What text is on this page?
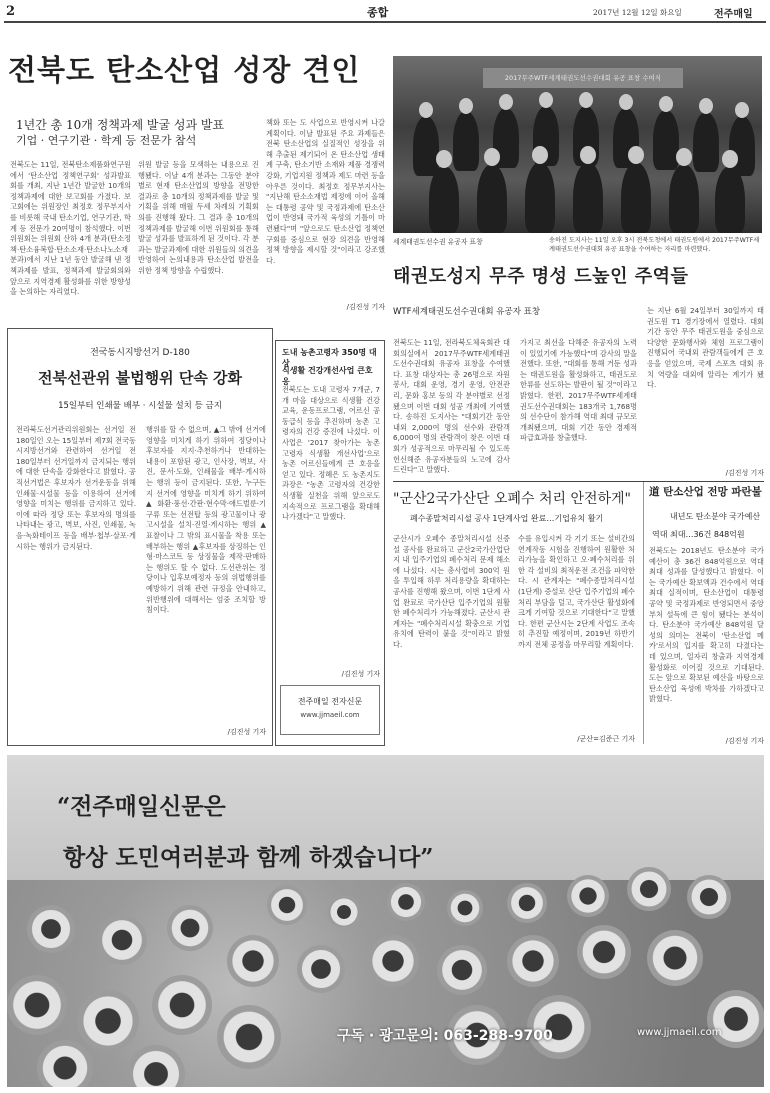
2	종합	2017년 12월 12일 화요일	전주매일
전북도 탄소산업 성장 견인
1년간 총 10개 정책과제 발굴 성과 발표
기업 · 연구기관 · 학계 등 전문가 참석
전북도는 11일, 전북탄소제품화연구원에서 '탄소산업 정책연구회' 성과발표회를 개최, 지난 1년간 발굴한 10개의 정책과제에 대한 보고회를 가졌다. 보고회에는 위원장인 최정호 정무부지사를 비롯해 국내 탄소기업, 연구기관, 학계 등 전문가 20여명이 참석했다. 이번 위원회는 위원회 산하 4개 분과(탄소정책·탄소융복합·탄소소재·탄소나노소재분과)에서 지난 1년 동안 발굴해 낸 정책과제를 발표, 정책과제 발굴회의와 앞으로 지역경제 활성화를 위한 방향성을 논의하는 자리였다.
위원 발굴 등을 모색하는 내용으로 진행됐다. 이날 4개 분과는 그동안 분야별로 현재 탄소산업의 방향을 전망한 결과로 총 10개의 정책과제를 발굴 및 기획을 위해 매월 두세 차례의 기획회의를 진행해 왔다. 그 결과 총 10개의 정책과제를 발굴해 이번 위원회를 통해 발굴 성과를 발표하게 된 것이다. 각 분과는 발굴과제에 대한 위원들의 의견을 반영하여 논의내용과 탄소산업 발전을 위한 정책 방향을 수립했다.
책화 또는 도 사업으로 반영시켜 나갈 계획이다. 이날 발표된 주요 과제들은 전북 탄소산업의 실질적인 성장을 위해 추출된 제기되어 온 탄소산업 생태계 구축, 탄소기반 소재와 제품 경쟁력 강화, 기업지원 정책과 제도 마련 등을 아우른 것이다. 최정호 정무부지사는 "지난해 탄소소재법 제정에 이어 올해는 대통령 공약 및 국정과제에 탄소산업이 반영돼 국가적 육성의 기틀이 마련됐다"며 "앞으로도 탄소산업 정책연구회를 중심으로 현장 의견을 반영해 정책 방향을 제시할 것"이라고 강조했다.
/김진성 기자
2017무주WTF세계태권도선수권대회 유공 표창 수여식
세계태권도선수권 유공자 표창	송하진 도지사는 11일 오후 3시 전북도청에서 태권도원에서 2017무주WTF세계태권도선수권대회 유공 표창을 수여하는 자리를 마련했다.
태권도성지 무주 명성 드높인 주역들
WTF세계태권도선수권대회 유공자 표창
전북도는 11일, 전라북도체육회관 대회의실에서 2017무주WTF세계태권도선수권대회 유공자 표창을 수여했다. 표창 대상자는 총 26명으로 자원봉사, 대회 운영, 경기 운영, 안전관리, 문화 홍보 등의 각 분야별로 선정됐으며 이번 대회 성공 개최에 기여했다. 송하진 도지사는 "대회기간 동안 내외 2,000여 명의 선수와 관람객 6,000여 명의 관람객이 찾은 이번 대회가 성공적으로 마무리될 수 있도록 헌신해준 유공자분들의 노고에 감사드린다"고 말했다.
가지고 최선을 다해준 유공자의 노력이 있었기에 가능했다"며 감사의 말을 전했다. 또한, "대회를 통해 거둔 성과는 태권도원을 활성화하고, 태권도로 한류를 선도하는 발판이 될 것"이라고 밝혔다. 한편, 2017무주WTF세계태권도선수권대회는 183개국 1,768명의 선수단이 참가해 역대 최대 규모로 개최됐으며, 대회 기간 동안 경제적 파급효과를 창출했다.
는 지난 6월 24일부터 30일까지 태권도원 T1 경기장에서 열렸다. 대회 기간 동안 무주 태권도원을 중심으로 다양한 문화행사와 체험 프로그램이 진행되어 국내외 관람객들에게 큰 호응을 얻었으며, 국제 스포츠 대회 유치 역량을 대외에 알리는 계기가 됐다.
/김진성 기자
전국동시지방선거 D-180
전북선관위 불법행위 단속 강화
15일부터 인쇄물 배부 · 시설물 설치 등 금지
전라북도선거관리위원회는 선거일 전 180일인 오는 15일부터 제7회 전국동시지방선거와 관련하여 선거일 전 180일부터 선거일까지 금지되는 행위에 대한 단속을 강화한다고 밝혔다. 공직선거법은 후보자가 선거운동을 위해 인쇄물·시설물 등을 이용하여 선거에 영향을 미치는 행위를 금지하고 있다. 이에 따라 정당 또는 후보자의 명의를 나타내는 광고, 벽보, 사진, 인쇄물, 녹음·녹화테이프 등을 배부·첩부·살포·게시하는 행위가 금지된다.
행위를 할 수 없으며, ▲그 밖에 선거에 영향을 미치게 하기 위하여 정당이나 후보자를 지지·추천하거나 반대하는 내용이 포함된 광고, 인사장, 벽보, 사진, 문서·도화, 인쇄물을 배부·게시하는 행위 등이 금지된다. 또한, 누구든지 선거에 영향을 미치게 하기 위하여 ▲화환·풍선·간판·현수막·애드벌룬·기구류 또는 선전탑 등의 광고물이나 광고시설을 설치·진열·게시하는 행위 ▲표찰이나 그 밖의 표시물을 착용 또는 배부하는 행위 ▲후보자를 상징하는 인형·마스코트 등 상징물을 제작·판매하는 행위도 할 수 없다. 도선관위는 정당이나 입후보예정자 등의 위법행위를 예방하기 위해 관련 규정을 안내하고, 위반행위에 대해서는 엄중 조치할 방침이다.
/김진성 기자
도내 농촌고령자 350명 대상
식생활 건강개선사업 큰호응
전북도는 도내 고령자 7개군, 7개 마을 대상으로 식생활 건강교육, 운동프로그램, 어르신 공동급식 등을 추진하며 농촌 고령자의 건강 증진에 나섰다. 이 사업은 '2017 찾아가는 농촌 고령자 식생활 개선사업'으로 농촌 어르신들에게 큰 호응을 얻고 있다. 정혜은 도 농촌지도과장은 "농촌 고령자의 건강한 식생활 실천을 위해 앞으로도 지속적으로 프로그램을 확대해 나가겠다"고 말했다.
/김진성 기자
전주매일 전자신문
www.jjmaeil.com
"군산2국가산단 오폐수 처리 안전하게"
폐수종말처리시설 공사 1단계사업 완료…기업유치 활기
군산시가 오페수 종말처리시설 신증설 공사를 완료하고 군산2국가산업단지 내 입주기업의 폐수처리 문제 해소에 나섰다. 시는 총사업비 300억 원을 투입해 하루 처리용량을 확대하는 공사를 진행해 왔으며, 이번 1단계 사업 완료로 국가산단 입주기업의 원활한 폐수처리가 가능해졌다. 군산시 관계자는 "폐수처리시설 확충으로 기업 유치에 탄력이 붙을 것"이라고 밝혔다.
수를 유입시켜 각 기기 또는 설비간의 연계작동 시험을 진행하여 원활한 처리가능을 확인하고 오·폐수처리를 위한 각 설비의 최적운전 조건을 파악한다. 시 관계자는 "폐수종말처리시설(1단계) 증설로 산단 입주기업의 폐수처리 부담을 덜고, 국가산단 활성화에 크게 기여할 것으로 기대한다"고 말했다. 한편 군산시는 2단계 사업도 조속히 추진할 예정이며, 2019년 하반기까지 전체 공정을 마무리할 계획이다.
/군산=김준근 기자
道 탄소산업 전망 파란불
내년도 탄소분야 국가예산
역대 최대…36건 848억원
전북도는 2018년도 탄소분야 국가예산이 총 36건 848억원으로 역대 최대 성과를 달성했다고 밝혔다. 이는 국가예산 확보액과 건수에서 역대 최대 실적이며, 탄소산업이 대통령 공약 및 국정과제로 반영되면서 중앙부처 설득에 큰 힘이 됐다는 분석이다. 탄소분야 국가예산 848억원 달성의 의미는 전북이 '탄소산업 메카'로서의 입지를 확고히 다졌다는 데 있으며, 일자리 창출과 지역경제 활성화로 이어질 것으로 기대된다. 도는 앞으로 확보된 예산을 바탕으로 탄소산업 육성에 박차를 가하겠다고 밝혔다.
/김진성 기자
“전주매일신문은
항상 도민여러분과 함께 하겠습니다”
구독 · 광고문의: 063-288-9700	www.jjmaeil.com
